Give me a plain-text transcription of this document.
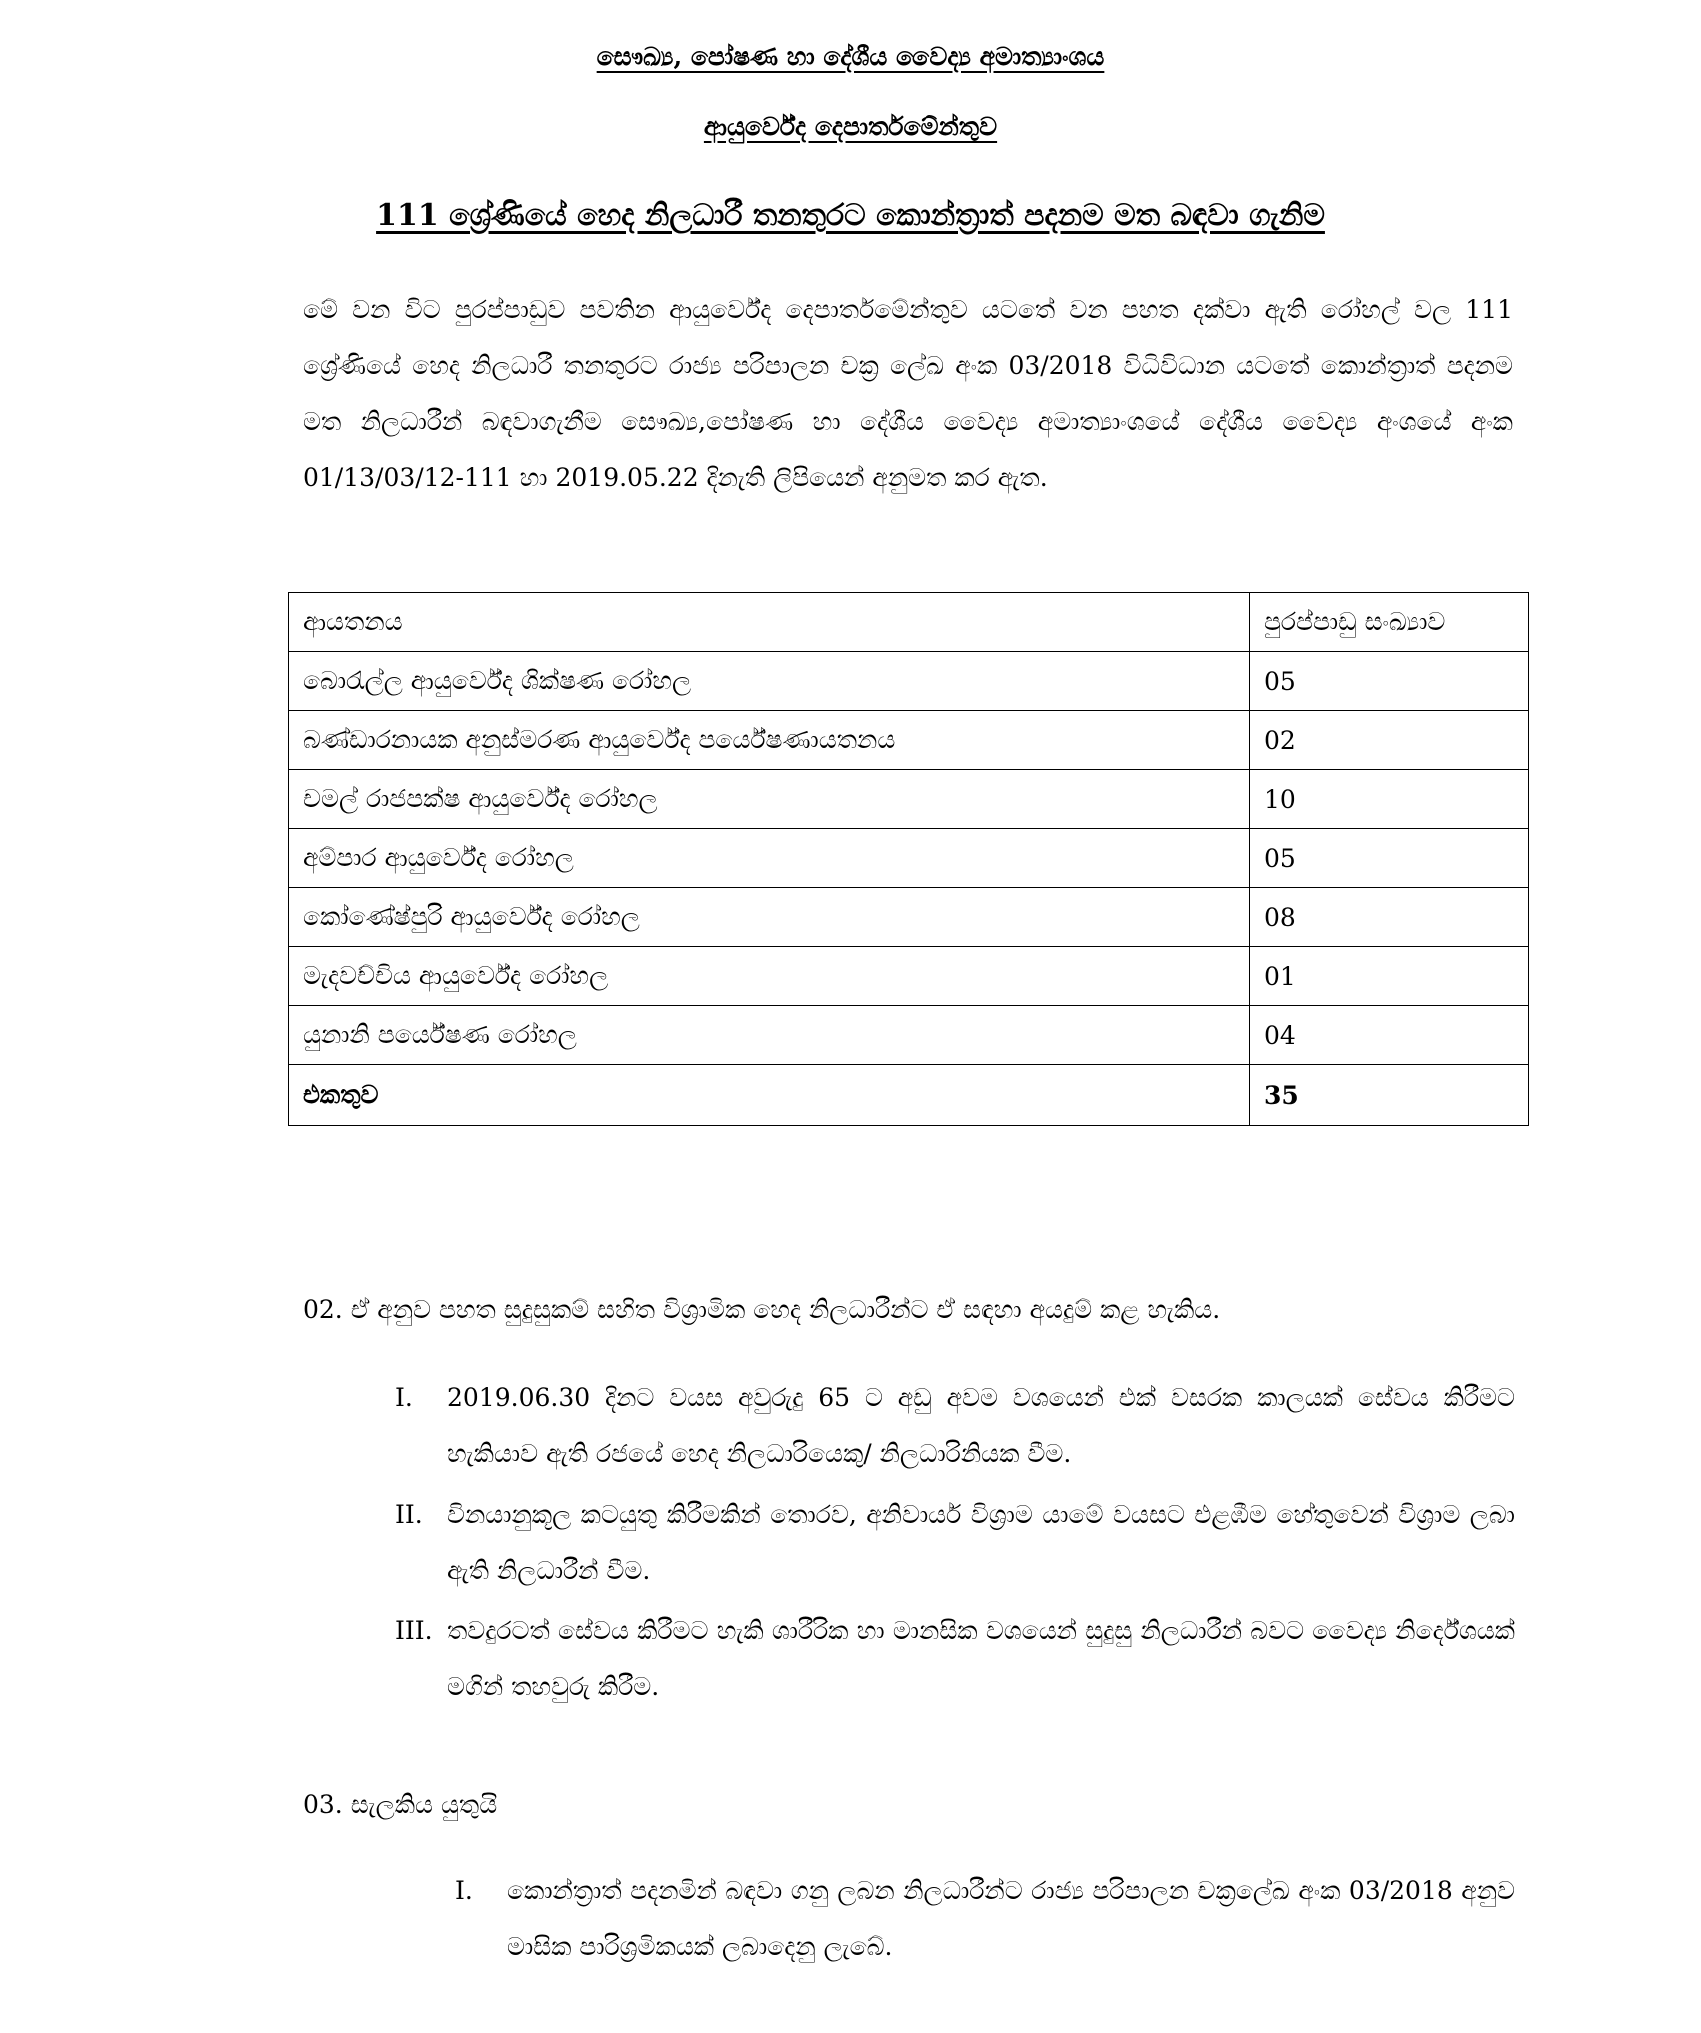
සෞඛ්‍ය, පෝෂණ හා දේශීය වෛද්‍ය අමාත්‍යාංශය
ආයුර්වේද දෙපාර්තමේන්තුව
111 ශ්‍රේණියේ හෙද නිලධාරී තනතුරට කොන්ත්‍රාත් පදනම මත බඳවා ගැනිම
මේ වන විට පුරප්පාඩුව පවතින ආයුර්වේද දෙපාර්තමේන්තුව යටතේ වන පහත දක්වා ඇති රෝහල් වල 111 ශ්‍රේණියේ හෙද නිලධාරී තනතුරට රාජ්‍ය පරිපාලන චක්‍ර ලේඛ අංක 03/2018 විධිවිධාන යටතේ කොන්ත්‍රාත් පදනම මත නිලධාරීන් බඳවාගැනීම සෞඛ්‍ය,පෝෂණ හා දේශීය වෛද්‍ය අමාත්‍යාංශයේ දේශීය වෛද්‍ය අංශයේ අංක 01/13/03/12-111 හා 2019.05.22 දිනැති ලිපියෙන් අනුමත කර ඇත.
ආයතනය	පුරප්පාඩු සංඛ්‍යාව
බොරැල්ල ආයුර්වේද ශික්ෂණ රෝහල	05
බණ්ඩාරනායක අනුස්මරණ ආයුර්වේද පර්යේෂණායතනය	02
චමල් රාජපක්ෂ ආයුර්වේද රෝහල	10
අම්පාර ආයුර්වේද රෝහල	05
කෝණේෂ්පුරි ආයුර්වේද රෝහල	08
මැදවච්චිය ආයුර්වේද රෝහල	01
යුනානි පර්යේෂණ රෝහල	04
එකතුව	35
02. ඒ අනුව පහත සුදුසුකම් සහිත විශ්‍රාමික හෙද නිලධාරීන්ට ඒ සඳහා අයදුම් කළ හැකිය.
I. 2019.06.30 දිනට වයස අවුරුදු 65 ට අඩු අවම වශයෙන් එක් වසරක කාලයක් සේවය කිරීමට හැකියාව ඇති රජයේ හෙද නිලධාරියෙකු/ නිලධාරිනියක වීම.
II. විනයානුකූල කටයුතු කිරීමකින් තොරව, අනිවාර්ය විශ්‍රාම යාමේ වයසට එළඹීම හේතුවෙන් විශ්‍රාම ලබා ඇති නිලධාරීන් වීම.
III. තවදුරටත් සේවය කිරීමට හැකි ශාරීරික හා මානසික වශයෙන් සුදුසු නිලධාරීන් බවට වෛද්‍ය නිර්දේශයක් මගින් තහවුරු කිරීම.
03. සැලකිය යුතුයි
I. කොන්ත්‍රාත් පදනමින් බඳවා ගනු ලබන නිලධාරීන්ට රාජ්‍ය පරිපාලන චක්‍රලේඛ අංක 03/2018 අනුව මාසික පාරිශ්‍රමිකයක් ලබාදෙනු ලැබේ.
